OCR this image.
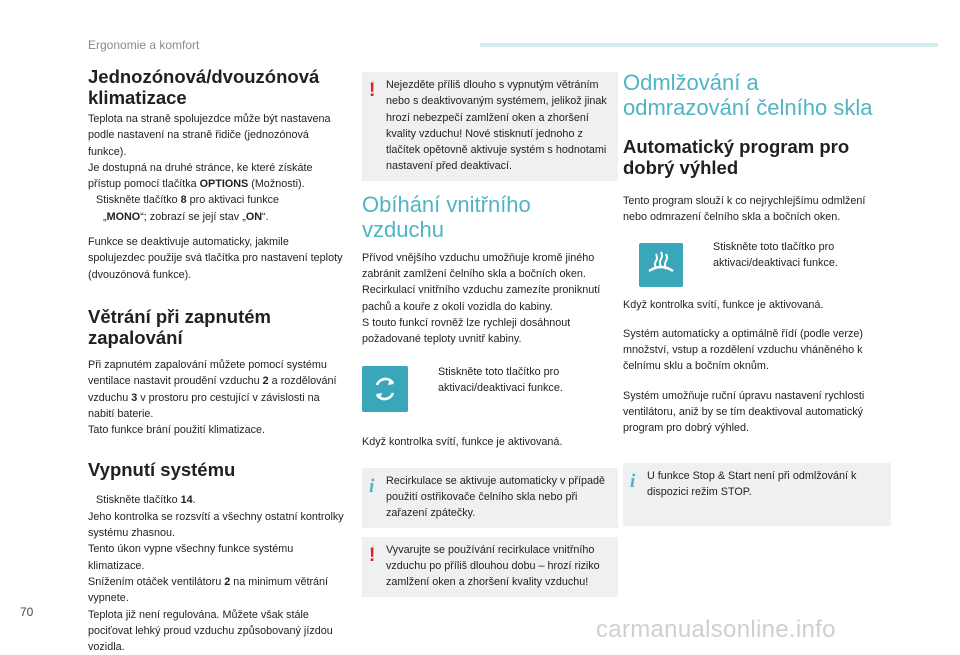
Ergonomie a komfort
Jednozónová/dvouzónová klimatizace

Teplota na straně spolujezdce může být nastavena podle nastavení na straně řidiče (jednozónová funkce).

Je dostupná na druhé stránce, ke které získáte přístup pomocí tlačítka OPTIONS (Možnosti).

Stiskněte tlačítko 8 pro aktivaci funkce
„MONO“; zobrazí se její stav „ON“.

Funkce se deaktivuje automaticky, jakmile spolujezdec použije svá tlačítka pro nastavení teploty (dvouzónová funkce).

Větrání při zapnutém zapalování

Při zapnutém zapalování můžete pomocí systému ventilace nastavit proudění vzduchu 2 a rozdělování vzduchu 3 v prostoru pro cestující v závislosti na nabití baterie.

Tato funkce brání použití klimatizace.

Vypnutí systému
Stiskněte tlačítko 14.

Jeho kontrolka se rozsvítí a všechny ostatní kontrolky systému zhasnou.

Tento úkon vypne všechny funkce systému klimatizace.

Snížením otáček ventilátoru 2 na minimum větrání vypnete.

Teplota již není regulována. Můžete však stále pociťovat lehký proud vzduchu způsobovaný jízdou vozidla.

! Nejezděte příliš dlouho s vypnutým větráním nebo s deaktivovaným systémem, jelikož jinak hrozí nebezpečí zamlžení oken a zhoršení kvality vzduchu! Nové stisknutí jednoho z tlačítek opětovně aktivuje systém s hodnotami nastavení před deaktivací.
Obíhání vnitřního vzduchu

Přívod vnějšího vzduchu umožňuje kromě jiného zabránit zamlžení čelního skla a bočních oken.

Recirkulací vnitřního vzduchu zamezíte proniknutí pachů a kouře z okolí vozidla do kabiny.

S touto funkcí rovněž lze rychleji dosáhnout požadované teploty uvnitř kabiny.

Stiskněte toto tlačítko pro aktivaci/deaktivaci funkce.

Když kontrolka svítí, funkce je aktivovaná.

i Recirkulace se aktivuje automaticky v případě použití ostřikovače čelního skla nebo při zařazení zpátečky.
! Vyvarujte se používání recirkulace vnitřního vzduchu po příliš dlouhou dobu – hrozí riziko zamlžení oken a zhoršení kvality vzduchu!
Odmlžování a odmrazování čelního skla
Automatický program pro dobrý výhled

Tento program slouží k co nejrychlejšímu odmlžení nebo odmrazení čelního skla a bočních oken.

Stiskněte toto tlačítko pro aktivaci/deaktivaci funkce.

Když kontrolka svítí, funkce je aktivovaná.

Systém automaticky a optimálně řídí (podle verze) množství, vstup a rozdělení vzduchu vháněného k čelnímu sklu a bočním oknům.

Systém umožňuje ruční úpravu nastavení rychlosti ventilátoru, aniž by se tím deaktivoval automatický program pro dobrý výhled.

i U funkce Stop & Start není při odmlžování k dispozici režim STOP.
70
carmanualsonline.info
